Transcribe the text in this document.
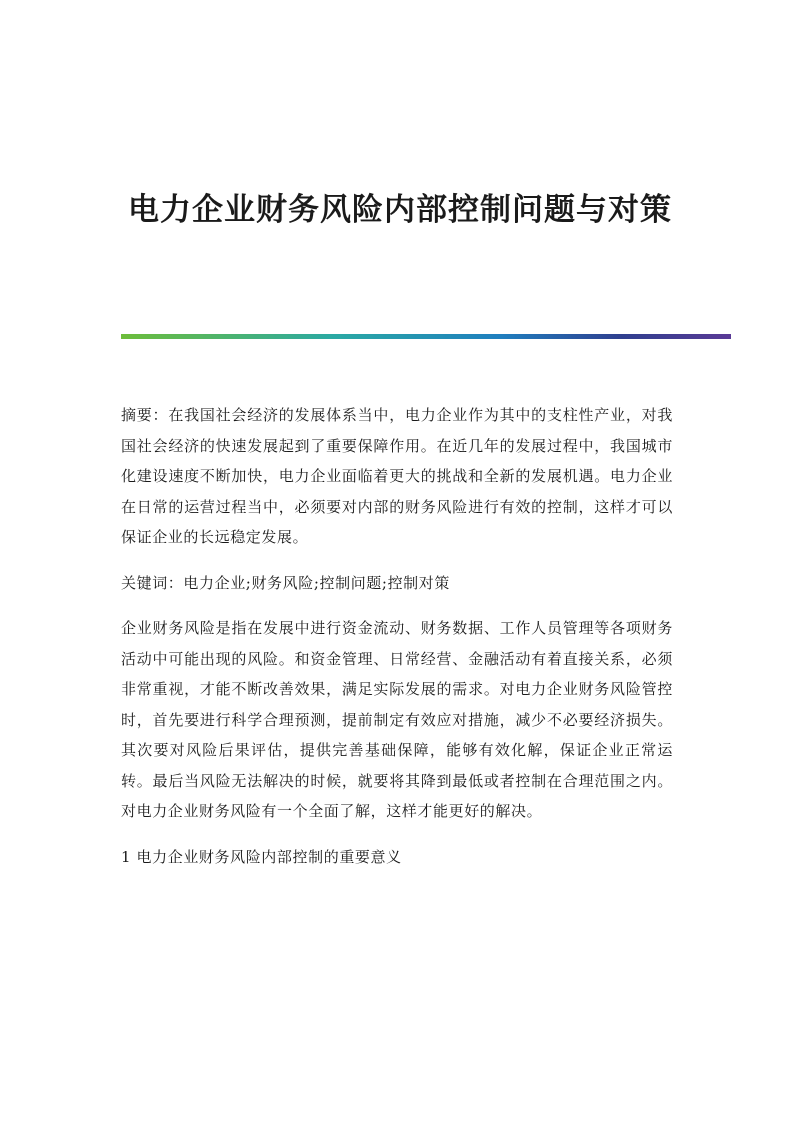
电力企业财务风险内部控制问题与对策

摘要：在我国社会经济的发展体系当中，电力企业作为其中的支柱性产业，对我国社会经济的快速发展起到了重要保障作用。在近几年的发展过程中，我国城市化建设速度不断加快，电力企业面临着更大的挑战和全新的发展机遇。电力企业在日常的运营过程当中，必须要对内部的财务风险进行有效的控制，这样才可以保证企业的长远稳定发展。

关键词：电力企业;财务风险;控制问题;控制对策

企业财务风险是指在发展中进行资金流动、财务数据、工作人员管理等各项财务活动中可能出现的风险。和资金管理、日常经营、金融活动有着直接关系，必须非常重视，才能不断改善效果，满足实际发展的需求。对电力企业财务风险管控时，首先要进行科学合理预测，提前制定有效应对措施，减少不必要经济损失。其次要对风险后果评估，提供完善基础保障，能够有效化解，保证企业正常运转。最后当风险无法解决的时候，就要将其降到最低或者控制在合理范围之内。对电力企业财务风险有一个全面了解，这样才能更好的解决。

1 电力企业财务风险内部控制的重要意义
